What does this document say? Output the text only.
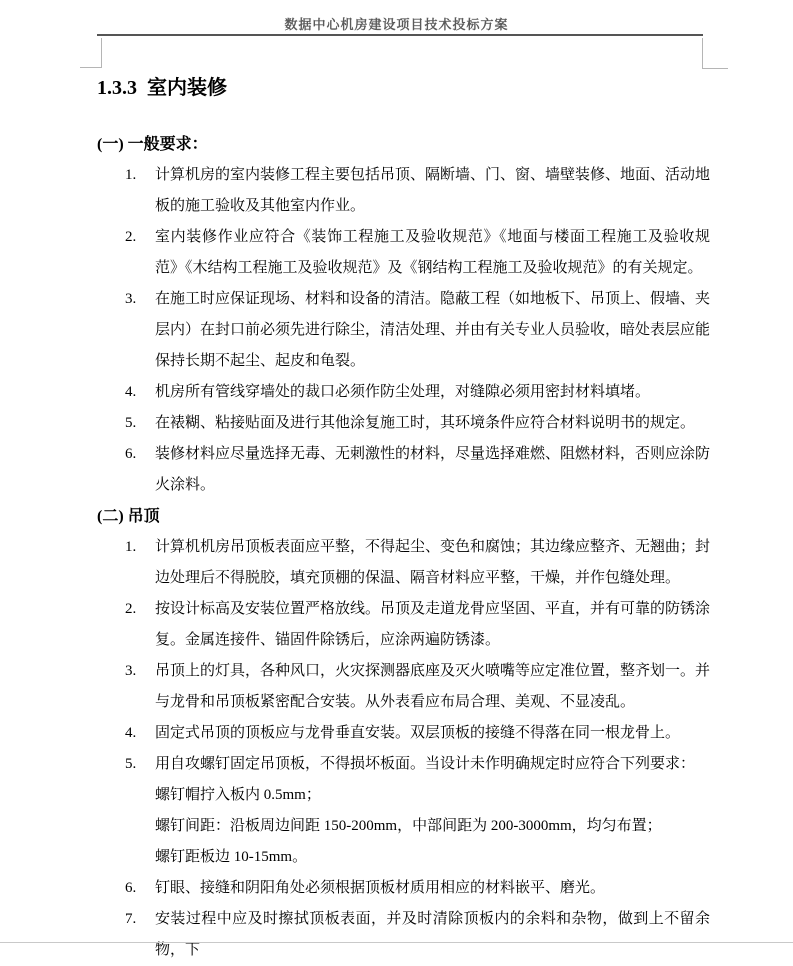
数据中心机房建设项目技术投标方案
1.3.3  室内装修
(一) 一般要求：
1.	计算机房的室内装修工程主要包括吊顶、隔断墙、门、窗、墙壁装修、地面、活动地板的施工验收及其他室内作业。
2.	室内装修作业应符合《装饰工程施工及验收规范》《地面与楼面工程施工及验收规范》《木结构工程施工及验收规范》及《钢结构工程施工及验收规范》的有关规定。
3.	在施工时应保证现场、材料和设备的清洁。隐蔽工程（如地板下、吊顶上、假墙、夹层内）在封口前必须先进行除尘，清洁处理、并由有关专业人员验收，暗处表层应能保持长期不起尘、起皮和龟裂。
4.	机房所有管线穿墙处的裁口必须作防尘处理，对缝隙必须用密封材料填堵。
5.	在裱糊、粘接贴面及进行其他涂复施工时，其环境条件应符合材料说明书的规定。
6.	装修材料应尽量选择无毒、无刺激性的材料，尽量选择难燃、阻燃材料，否则应涂防火涂料。
(二) 吊顶
1.	计算机机房吊顶板表面应平整，不得起尘、变色和腐蚀；其边缘应整齐、无翘曲；封边处理后不得脱胶，填充顶棚的保温、隔音材料应平整，干燥，并作包缝处理。
2.	按设计标高及安装位置严格放线。吊顶及走道龙骨应坚固、平直，并有可靠的防锈涂复。金属连接件、锚固件除锈后，应涂两遍防锈漆。
3.	吊顶上的灯具，各种风口，火灾探测器底座及灭火喷嘴等应定准位置，整齐划一。并与龙骨和吊顶板紧密配合安装。从外表看应布局合理、美观、不显凌乱。
4.	固定式吊顶的顶板应与龙骨垂直安装。双层顶板的接缝不得落在同一根龙骨上。
5.	用自攻螺钉固定吊顶板，不得损坏板面。当设计未作明确规定时应符合下列要求：
螺钉帽拧入板内 0.5mm；
螺钉间距：沿板周边间距 150-200mm，中部间距为 200-3000mm，均匀布置；
螺钉距板边 10-15mm。
6.	钉眼、接缝和阴阳角处必须根据顶板材质用相应的材料嵌平、磨光。
7.	安装过程中应及时擦拭顶板表面，并及时清除顶板内的余料和杂物，做到上不留余物，下
